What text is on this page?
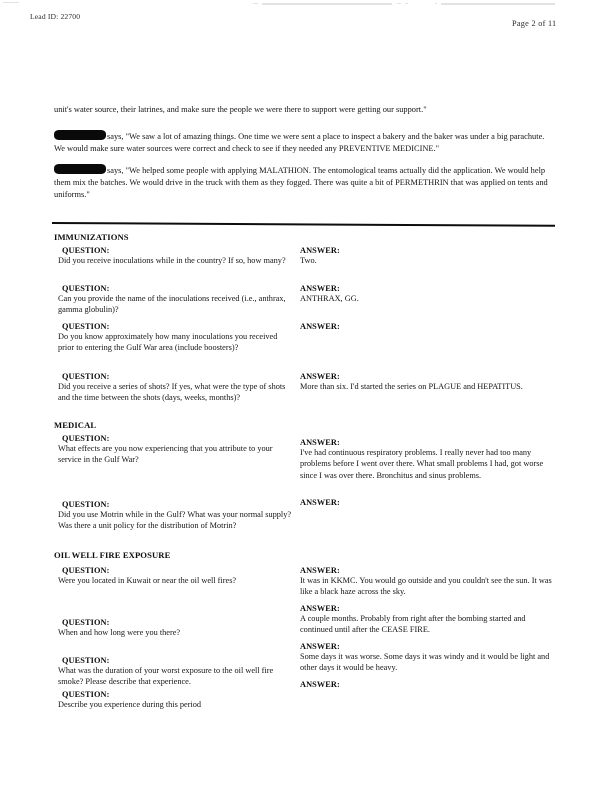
Lead ID: 22700
Page 2 of 11

unit's water source, their latrines, and make sure the people we were there to support were getting our support."

says, "We saw a lot of amazing things. One time we were sent a place to inspect a bakery and the baker was under a big parachute. We would make sure water sources were correct and check to see if they needed any PREVENTIVE MEDICINE."

says, "We helped some people with applying MALATHION. The entomological teams actually did the application. We would help them mix the batches. We would drive in the truck with them as they fogged. There was quite a bit of PERMETHRIN that was applied on tents and uniforms."

IMMUNIZATIONS
QUESTION:
Did you receive inoculations while in the country? If so, how many?
ANSWER:
Two.
QUESTION:
Can you provide the name of the inoculations received (i.e., anthrax, gamma globulin)?
ANSWER:
ANTHRAX, GG.
QUESTION:
Do you know approximately how many inoculations you received prior to entering the Gulf War area (include boosters)?
ANSWER:
QUESTION:
Did you receive a series of shots? If yes, what were the type of shots and the time between the shots (days, weeks, months)?
ANSWER:
More than six. I'd started the series on PLAGUE and HEPATITUS.
MEDICAL
QUESTION:
What effects are you now experiencing that you attribute to your service in the Gulf War?
ANSWER:
I've had continuous respiratory problems. I really never had too many problems before I went over there. What small problems I had, got worse since I was over there. Bronchitus and sinus problems.
QUESTION:
Did you use Motrin while in the Gulf? What was your normal supply? Was there a unit policy for the distribution of Motrin?
ANSWER:
OIL WELL FIRE EXPOSURE
QUESTION:
Were you located in Kuwait or near the oil well fires?
ANSWER:
It was in KKMC. You would go outside and you couldn't see the sun. It was like a black haze across the sky.
QUESTION:
When and how long were you there?
ANSWER:
A couple months. Probably from right after the bombing started and continued until after the CEASE FIRE.
QUESTION:
What was the duration of your worst exposure to the oil well fire smoke? Please describe that experience.
ANSWER:
Some days it was worse. Some days it was windy and it would be light and other days it would be heavy.
QUESTION:
Describe you experience during this period
ANSWER:
